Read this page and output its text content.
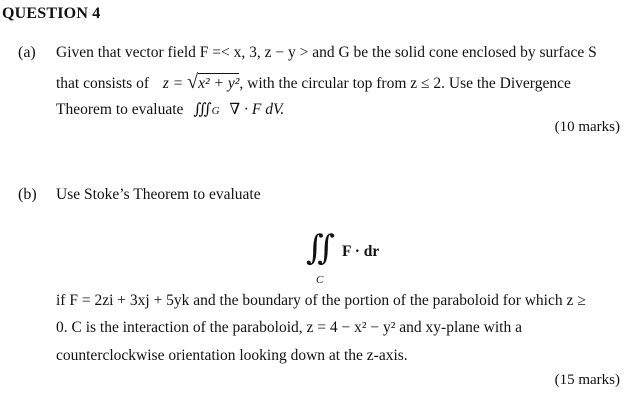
QUESTION 4
(a) Given that vector field F =< x, 3, z − y > and G be the solid cone enclosed by surface S
that consists of z = √x² + y², with the circular top from z ≤ 2. Use the Divergence
Theorem to evaluate ∭G ∇ · F dV.
(10 marks)
(b) Use Stoke’s Theorem to evaluate
∬
C
F · dr
if F = 2zi + 3xj + 5yk and the boundary of the portion of the paraboloid for which z ≥
0. C is the interaction of the paraboloid, z = 4 − x² − y² and xy-plane with a
counterclockwise orientation looking down at the z-axis.
(15 marks)
